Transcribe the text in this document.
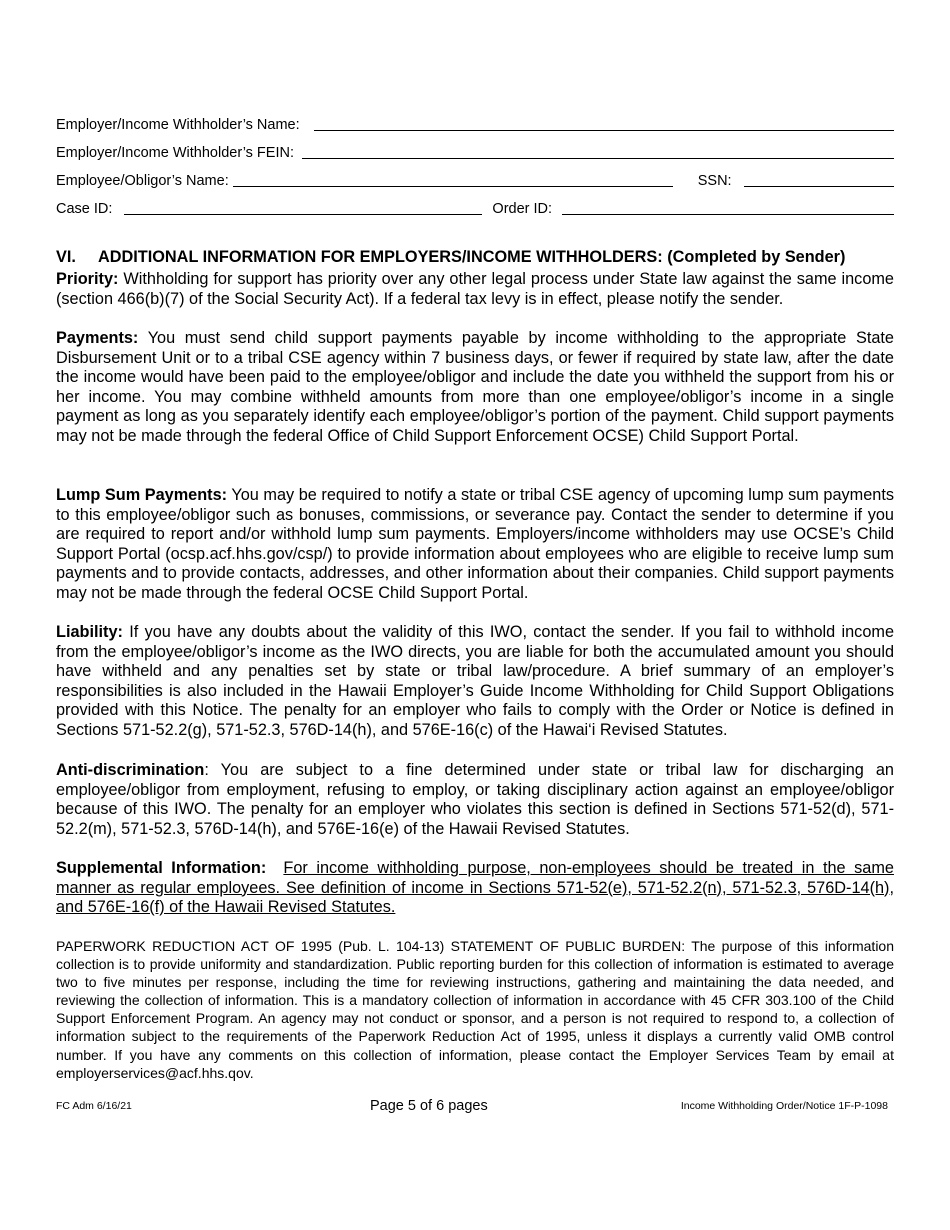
Employer/Income Withholder’s Name:
Employer/Income Withholder’s FEIN:
Employee/Obligor’s Name:	SSN:
Case ID:	Order ID:
VI. ADDITIONAL INFORMATION FOR EMPLOYERS/INCOME WITHHOLDERS: (Completed by Sender)
Priority: Withholding for support has priority over any other legal process under State law against the same income (section 466(b)(7) of the Social Security Act). If a federal tax levy is in effect, please notify the sender.
Payments: You must send child support payments payable by income withholding to the appropriate State Disbursement Unit or to a tribal CSE agency within 7 business days, or fewer if required by state law, after the date the income would have been paid to the employee/obligor and include the date you withheld the support from his or her income. You may combine withheld amounts from more than one employee/obligor’s income in a single payment as long as you separately identify each employee/obligor’s portion of the payment. Child support payments may not be made through the federal Office of Child Support Enforcement OCSE) Child Support Portal.
Lump Sum Payments: You may be required to notify a state or tribal CSE agency of upcoming lump sum payments to this employee/obligor such as bonuses, commissions, or severance pay. Contact the sender to determine if you are required to report and/or withhold lump sum payments. Employers/income withholders may use OCSE’s Child Support Portal (ocsp.acf.hhs.gov/csp/) to provide information about employees who are eligible to receive lump sum payments and to provide contacts, addresses, and other information about their companies. Child support payments may not be made through the federal OCSE Child Support Portal.
Liability: If you have any doubts about the validity of this IWO, contact the sender. If you fail to withhold income from the employee/obligor’s income as the IWO directs, you are liable for both the accumulated amount you should have withheld and any penalties set by state or tribal law/procedure. A brief summary of an employer’s responsibilities is also included in the Hawaii Employer’s Guide Income Withholding for Child Support Obligations provided with this Notice. The penalty for an employer who fails to comply with the Order or Notice is defined in Sections 571-52.2(g), 571-52.3, 576D-14(h), and 576E-16(c) of the Hawai‘i Revised Statutes.
Anti-discrimination: You are subject to a fine determined under state or tribal law for discharging an employee/obligor from employment, refusing to employ, or taking disciplinary action against an employee/obligor because of this IWO. The penalty for an employer who violates this section is defined in Sections 571-52(d), 571-52.2(m), 571-52.3, 576D-14(h), and 576E-16(e) of the Hawaii Revised Statutes.
Supplemental Information: For income withholding purpose, non-employees should be treated in the same manner as regular employees. See definition of income in Sections 571-52(e), 571-52.2(n), 571-52.3, 576D-14(h), and 576E-16(f) of the Hawaii Revised Statutes.
PAPERWORK REDUCTION ACT OF 1995 (Pub. L. 104-13) STATEMENT OF PUBLIC BURDEN: The purpose of this information collection is to provide uniformity and standardization. Public reporting burden for this collection of information is estimated to average two to five minutes per response, including the time for reviewing instructions, gathering and maintaining the data needed, and reviewing the collection of information. This is a mandatory collection of information in accordance with 45 CFR 303.100 of the Child Support Enforcement Program. An agency may not conduct or sponsor, and a person is not required to respond to, a collection of information subject to the requirements of the Paperwork Reduction Act of 1995, unless it displays a currently valid OMB control number. If you have any comments on this collection of information, please contact the Employer Services Team by email at employerservices@acf.hhs.qov.
FC Adm 6/16/21	Page 5 of 6 pages	Income Withholding Order/Notice 1F-P-1098
